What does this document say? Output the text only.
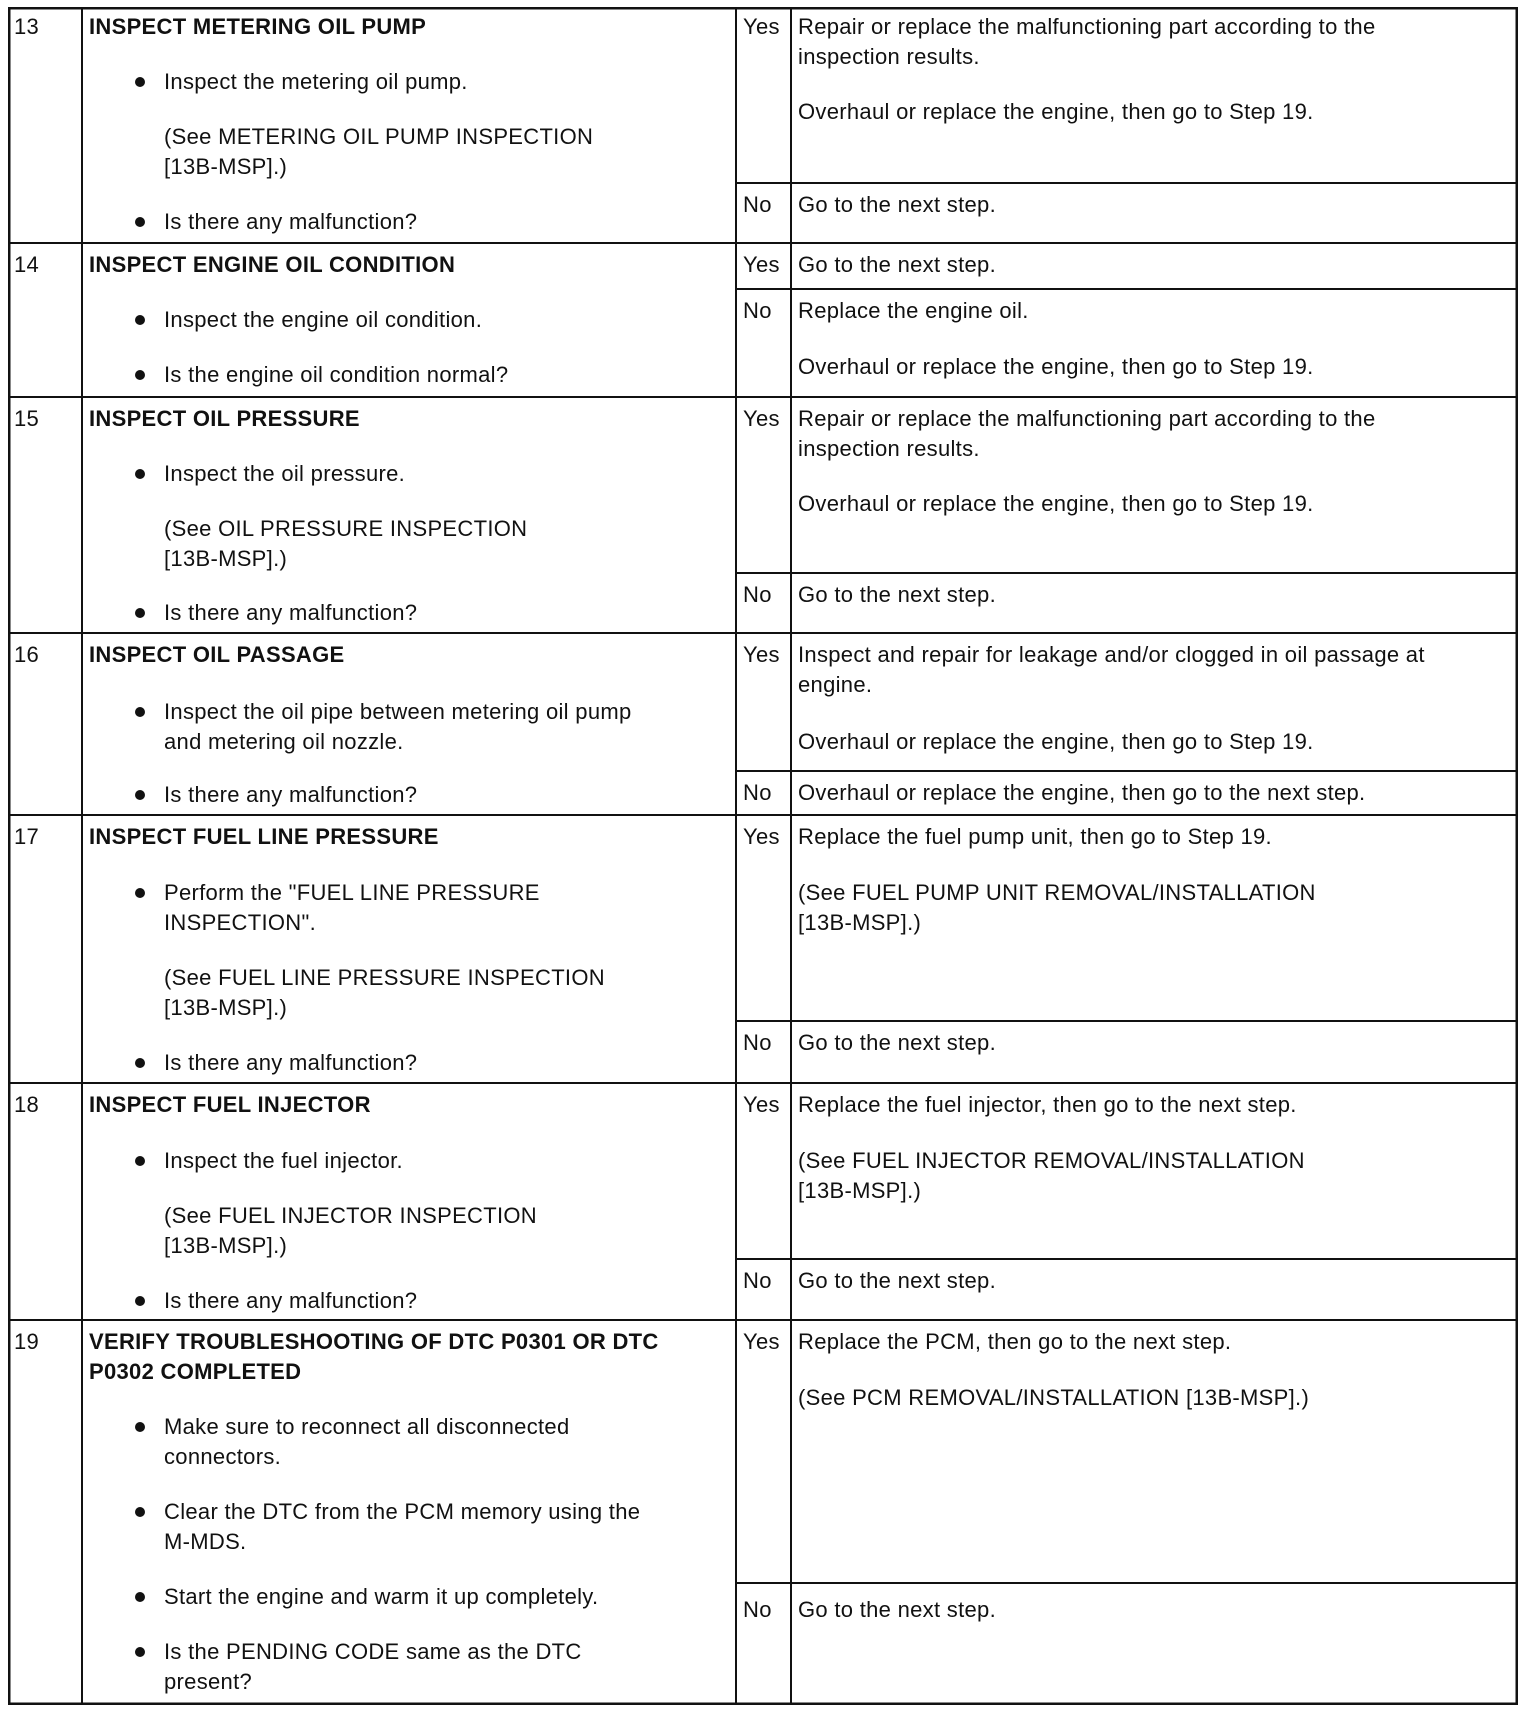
13 INSPECT METERING OIL PUMP
Inspect the metering oil pump.
(See METERING OIL PUMP INSPECTION
[13B-MSP].)
Is there any malfunction?
Yes Repair or replace the malfunctioning part according to the
inspection results.
Overhaul or replace the engine, then go to Step 19.
No Go to the next step.
14 INSPECT ENGINE OIL CONDITION
Inspect the engine oil condition.
Is the engine oil condition normal?
Yes Go to the next step.
No Replace the engine oil.
Overhaul or replace the engine, then go to Step 19.
15 INSPECT OIL PRESSURE
Inspect the oil pressure.
(See OIL PRESSURE INSPECTION
[13B-MSP].)
Is there any malfunction?
Yes Repair or replace the malfunctioning part according to the
inspection results.
Overhaul or replace the engine, then go to Step 19.
No Go to the next step.
16 INSPECT OIL PASSAGE
Inspect the oil pipe between metering oil pump
and metering oil nozzle.
Is there any malfunction?
Yes Inspect and repair for leakage and/or clogged in oil passage at
engine.
Overhaul or replace the engine, then go to Step 19.
No Overhaul or replace the engine, then go to the next step.
17 INSPECT FUEL LINE PRESSURE
Perform the "FUEL LINE PRESSURE
INSPECTION".
(See FUEL LINE PRESSURE INSPECTION
[13B-MSP].)
Is there any malfunction?
Yes Replace the fuel pump unit, then go to Step 19.
(See FUEL PUMP UNIT REMOVAL/INSTALLATION
[13B-MSP].)
No Go to the next step.
18 INSPECT FUEL INJECTOR
Inspect the fuel injector.
(See FUEL INJECTOR INSPECTION
[13B-MSP].)
Is there any malfunction?
Yes Replace the fuel injector, then go to the next step.
(See FUEL INJECTOR REMOVAL/INSTALLATION
[13B-MSP].)
No Go to the next step.
19 VERIFY TROUBLESHOOTING OF DTC P0301 OR DTC
P0302 COMPLETED
Make sure to reconnect all disconnected
connectors.
Clear the DTC from the PCM memory using the
M-MDS.
Start the engine and warm it up completely.
Is the PENDING CODE same as the DTC
present?
Yes Replace the PCM, then go to the next step.
(See PCM REMOVAL/INSTALLATION [13B-MSP].)
No Go to the next step.
